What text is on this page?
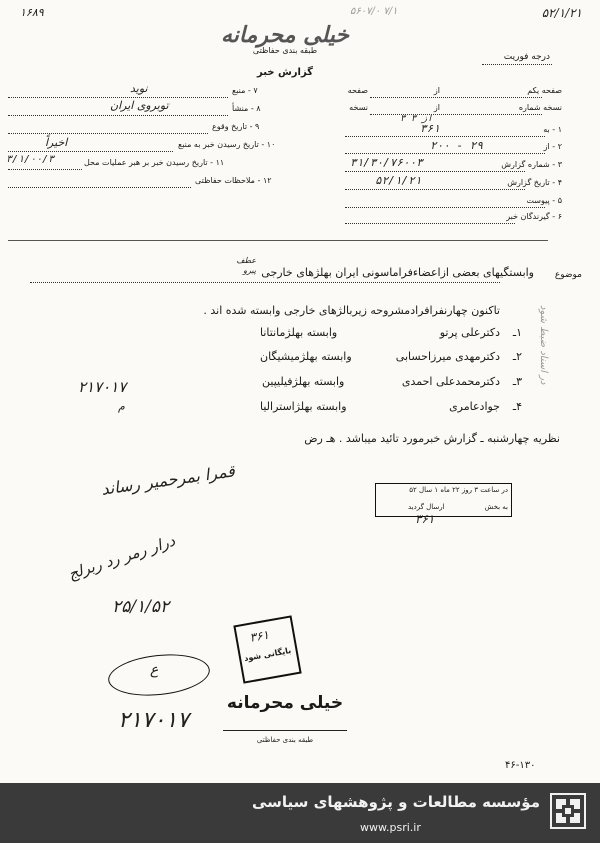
۱۶۸۹	۵۲/۱/۲۱
۵۶۰۷/۰ ۷/۱
خیلی محرمانه
طبقه بندی حفاظتی
گزارش خبر
درجه فوریت
صفحه یکم
از
صفحه
نسخه شماره
از
نسخه
۳ از ۳
۱ - به
۳۶۱
۲ - از
۲۰۰ - ۲۹
۳ - شماره گزارش
۳۱/۳۰/۷۶۰۰۳
۴ - تاریخ گزارش
۵۲/۱/۲۱
۵ - پیوست
۶ - گیرندگان خبر
۷ - منبع
نوید
۸ - منشأ
توبروی ایران
۹ - تاریخ وقوع
۱۰ - تاریخ رسیدن خبر به منبع
اخیراً
۱۱ - تاریخ رسیدن خبر بر هبر عملیات محل
۳/۱/۰۰/۳
۱۲ - ملاحظات حفاظتی
موضوع
وابستگیهای بعضی ازاعضاءفراماسونی ایران بهلژهای خارجی
عطف پیرو
تاکنون چهارنفرافرادمشروحه زیربالژهای خارجی وابسته شده اند .
۱ـ
دکترعلی پرتو
وابسته بهلژمانتانا
۲ـ
دکترمهدی میرزاحسابی
وابسته بهلژمیشیگان
۳ـ
دکترمحمدعلی احمدی
وابسته بهلژفیلیپین
۴ـ
جوادعامری
وابسته بهلژاسترالیا
نظریه چهارشنبه ـ گزارش خبرمورد تائید میباشد . هـ رض
۲۱۷۰۱۷
م
قمرا بمرحمیر رساند
در اسناد ضبط شود
درار رمر رد ربرلج
۲۵/۱/۵۲
ع
۲۱۷۰۱۷
در ساعت ۳ روز ۲۲ ماه ۱ سال ۵۲
به بخش
ارسال گردید
۳۶۱
۳۶۱
بایگانی شود
خیلی محرمانه
طبقه بندی حفاظتی
۴۶-۱۳۰
مؤسسه مطالعات و پژوهشهای سیاسی
www.psri.ir
